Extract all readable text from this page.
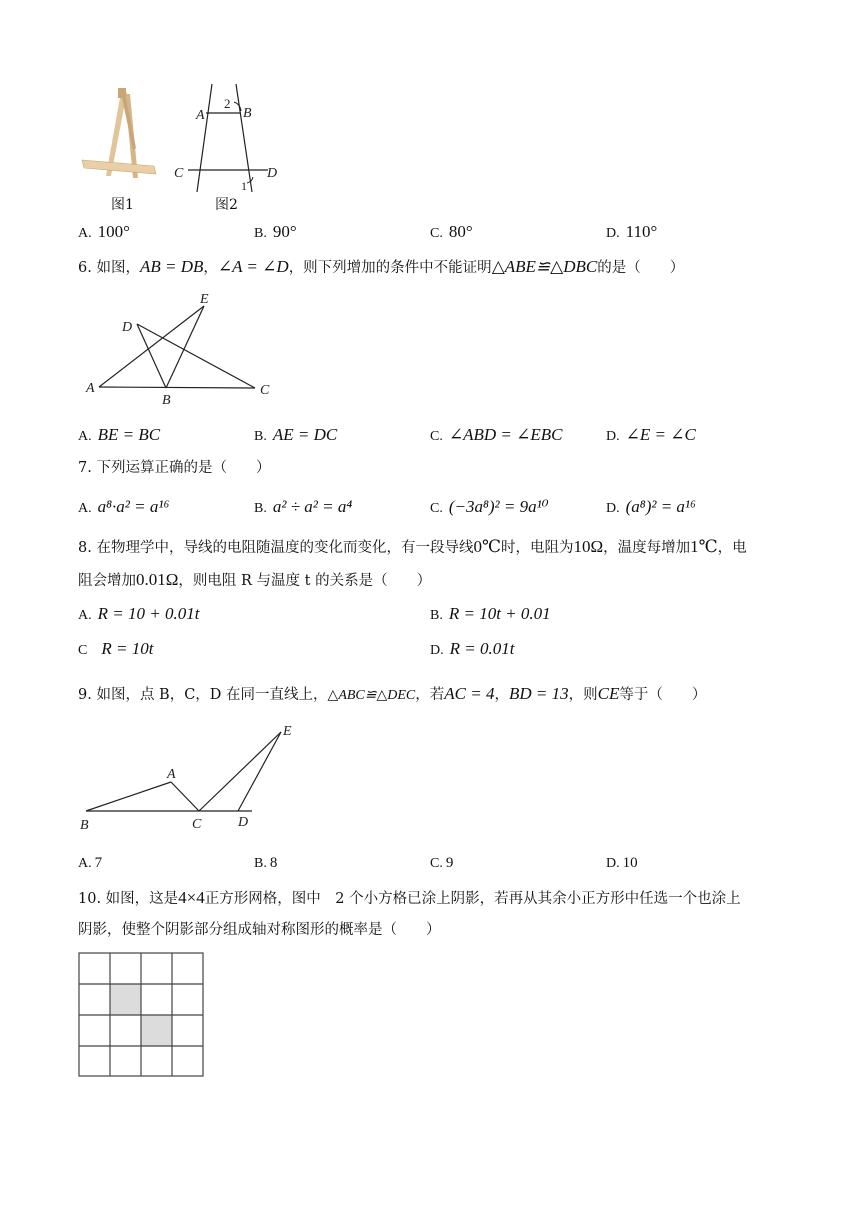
图1
A	B
C	D
2
1
图2
A. 100°	B. 90°	C. 80°	D. 110°
6. 如图，AB = DB，∠A = ∠D，则下列增加的条件中不能证明△ABE≌△DBC的是（　　）
A
B
C
D
E
A. BE = BC	B. AE = DC	C. ∠ABD = ∠EBC	D. ∠E = ∠C
7. 下列运算正确的是（　　）
A. a⁸·a² = a¹⁶	B. a² ÷ a² = a⁴	C. (−3a⁸)² = 9a¹⁰	D. (a⁸)² = a¹⁶
8. 在物理学中，导线的电阻随温度的变化而变化，有一段导线0℃时，电阻为10Ω，温度每增加1℃，电
阻会增加0.01Ω，则电阻 R 与温度 t 的关系是（　　）
A. R = 10 + 0.01t	B. R = 10t + 0.01
C R = 10t	D. R = 0.01t
9. 如图，点 B，C，D 在同一直线上，△ABC≌△DEC，若AC = 4，BD = 13，则CE等于（　　）
B
A
C	D
E
A. 7	B. 8	C. 9	D. 10
10. 如图，这是4×4正方形网格，图中　2 个小方格已涂上阴影，若再从其余小正方形中任选一个也涂上
阴影，使整个阴影部分组成轴对称图形的概率是（　　）
